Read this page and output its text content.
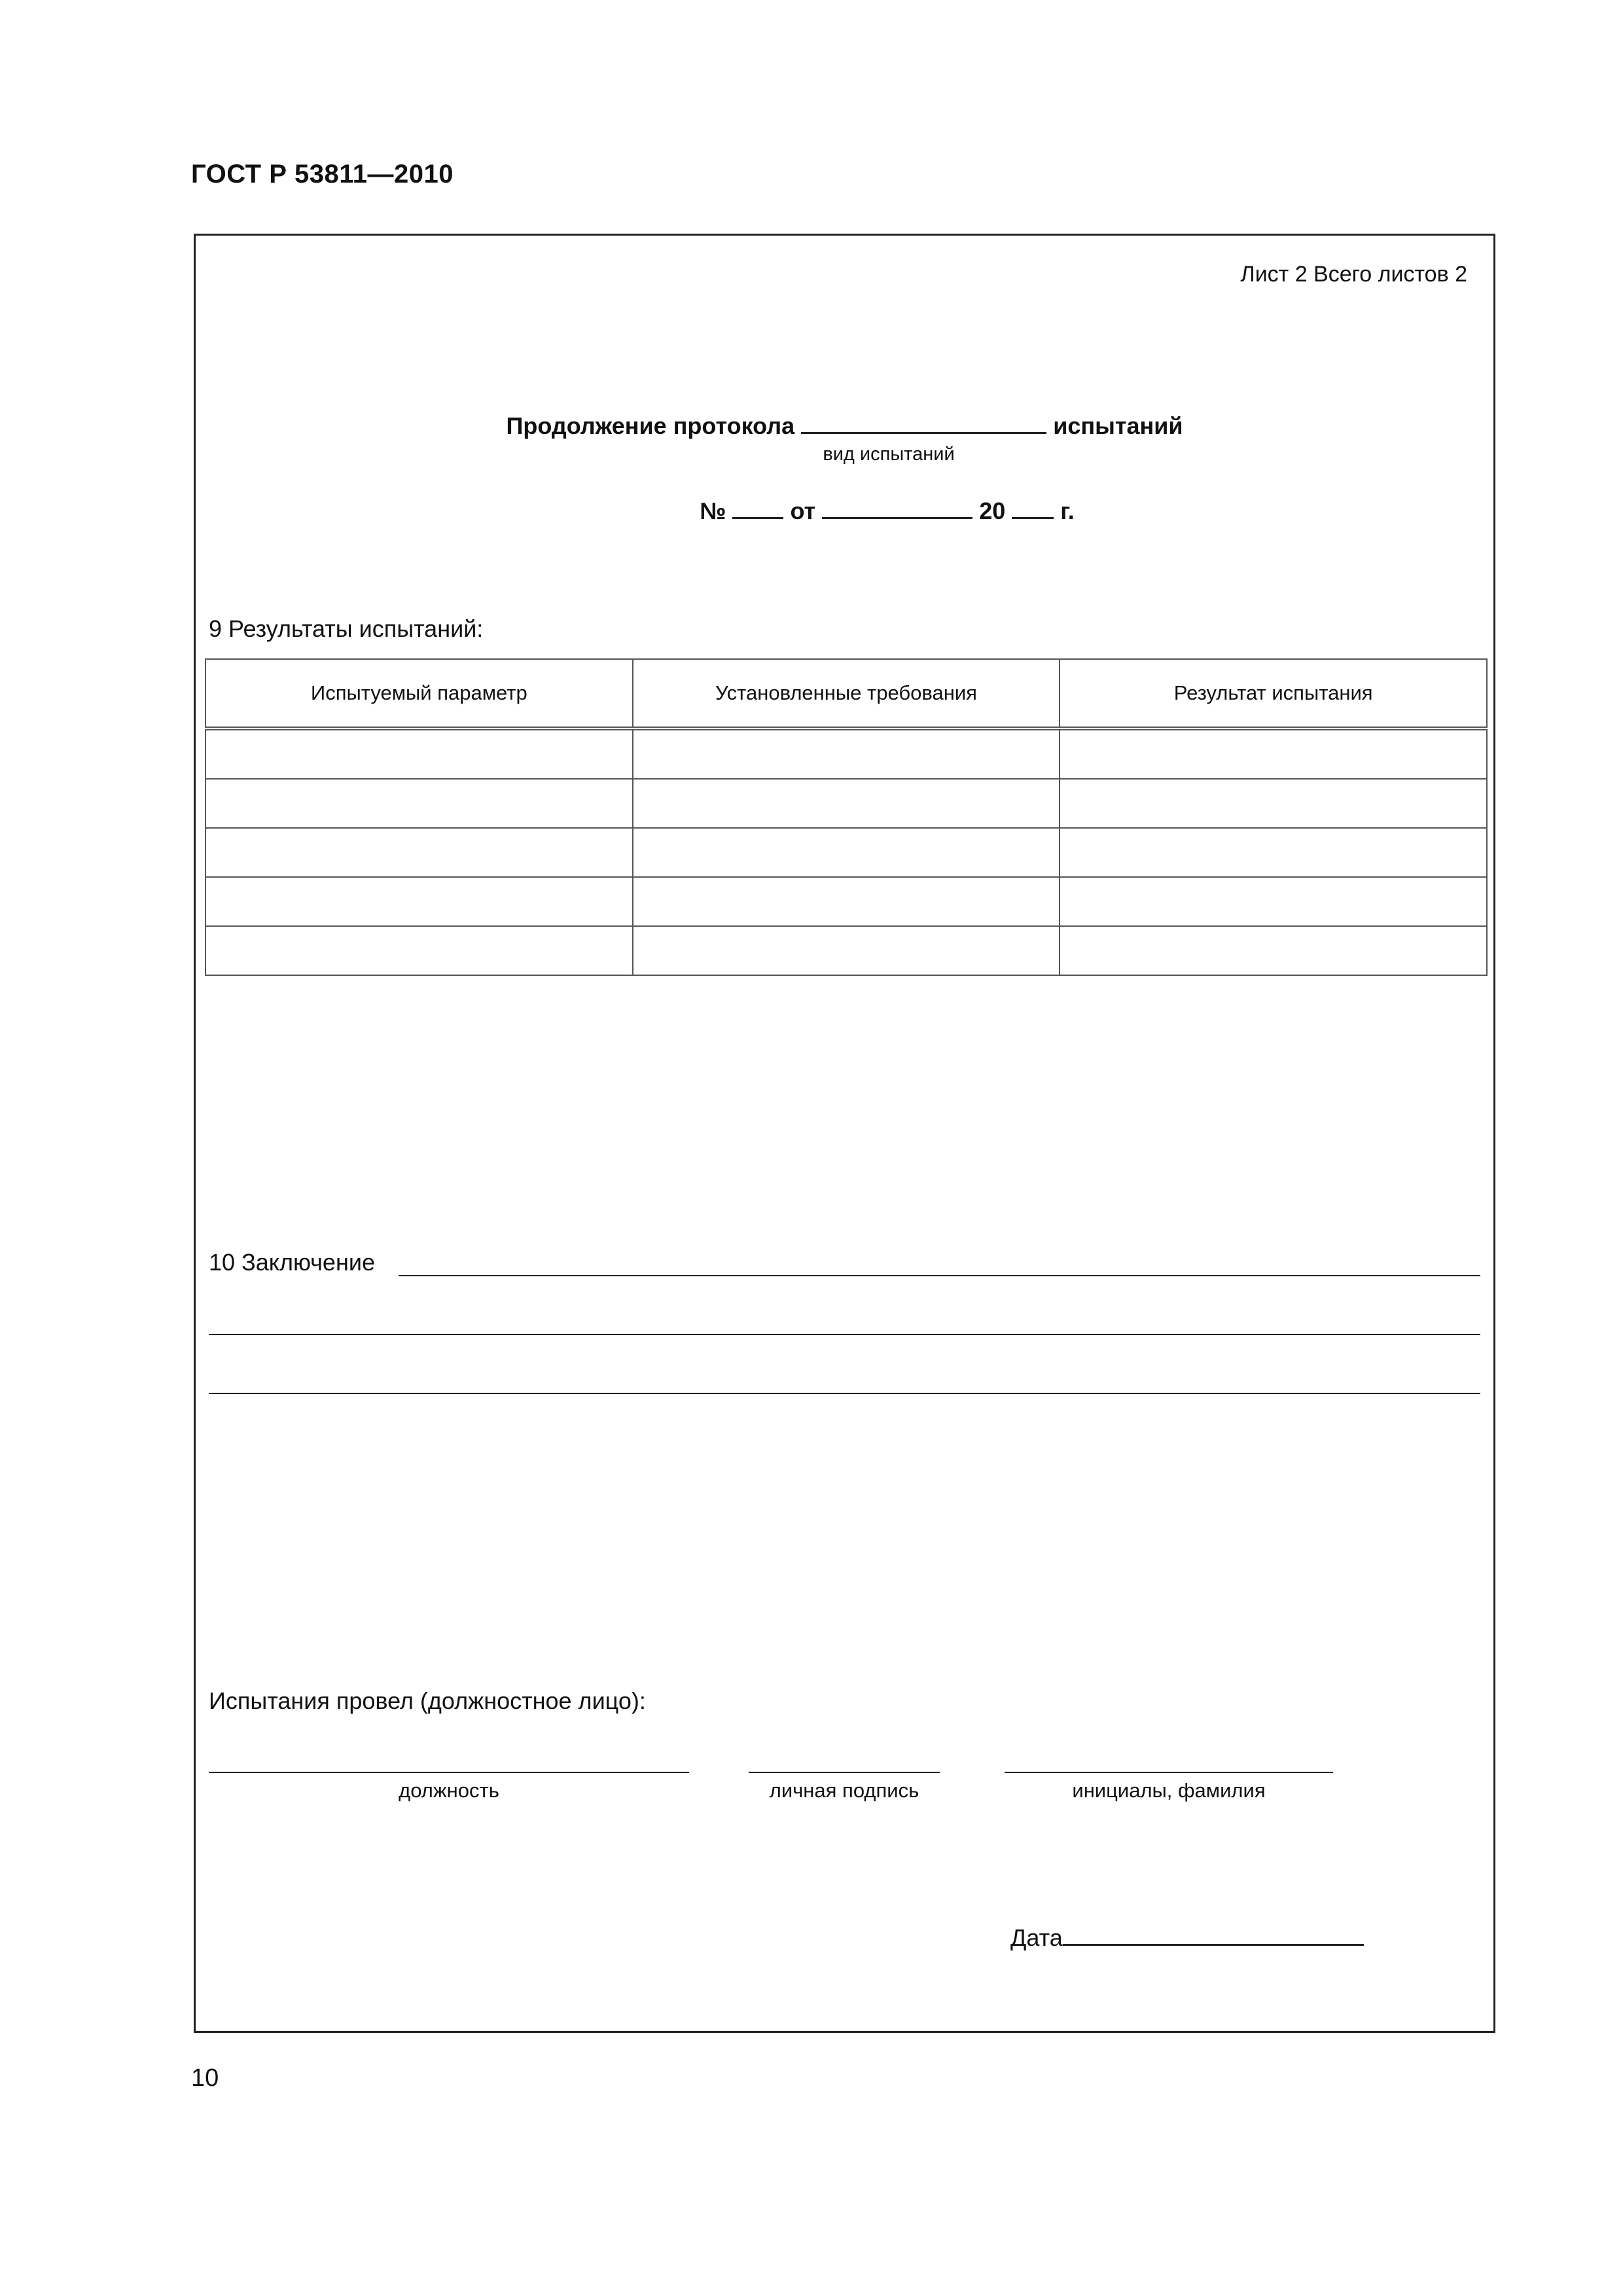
ГОСТ Р 53811—2010
Лист 2 Всего листов 2
Продолжение протокола	испытаний
вид испытаний
№	от	20 г.
9 Результаты испытаний:
Испытуемый параметр	Установленные требования	Результат испытания

10 Заключение
Испытания провел (должностное лицо):
должность	личная подпись	инициалы, фамилия
Дата
10
